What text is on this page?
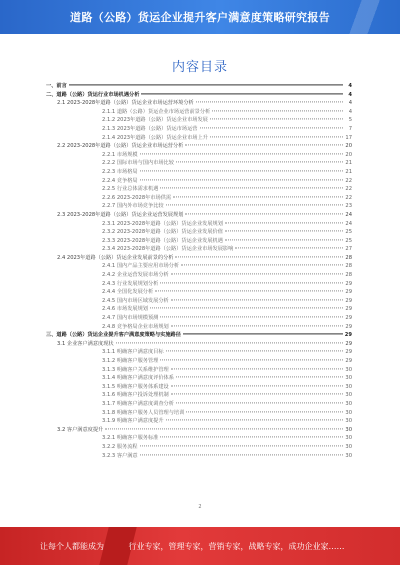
道路（公路）货运企业提升客户满意度策略研究报告
内容目录
一、前言	4
二、道路（公路）货运行业市场机遇分析	4
2.1 2023-2028年道路（公路）货运企业市场运营环境分析	4
2.1.1 道路（公路）货运企业市场运营前景分析	4
2.1.2 2023年道路（公路）货运企业市场发展	5
2.1.3 2023年道路（公路）货运市场运营	7
2.1.4 2023年道路（公路）货运企业市场上升	17
2.2 2023-2028年道路（公路）货运企业市场运营分析	20
2.2.1 市场规模	20
2.2.2 国际市场与国内市场比较	21
2.2.3 市场格局	21
2.2.4 竞争格局	22
2.2.5 行业总体需求机遇	22
2.2.6 2023-2028年市场供需	22
2.2.7 国内外市场竞争比较	23
2.3 2023-2028年道路（公路）货运企业运营发展规划	24
2.3.1 2023-2028年道路（公路）货运企业发展规划	24
2.3.2 2023-2028年道路（公路）货运企业发展价值	25
2.3.3 2023-2028年道路（公路）货运企业发展机遇	25
2.3.4 2023-2028年道路（公路）货运企业市场发展影响	27
2.4 2023年道路（公路）货运企业发展前景的分析	28
2.4.1 国内产品主要应用市场分析	28
2.4.2 企业运营发展市场分析	28
2.4.3 行业发展规划分析	29
2.4.4 全国化发展分析	29
2.4.5 国内市场区域发展分析	29
2.4.6 市场发展规划	29
2.4.7 国内市场规模预测	29
2.4.8 竞争格局企业市场规划	29
三、道路（公路）货运企业提升客户满意度策略与实施路径	29
3.1 企业客户满意度现状	29
3.1.1 明确客户满意度目标	29
3.1.2 明确客户服务管理	29
3.1.3 明确客户关系维护管理	30
3.1.4 明确客户满意度评价体系	30
3.1.5 明确客户服务体系建设	30
3.1.6 明确客户投诉处理机制	30
3.1.7 明确客户满意度调查分析	30
3.1.8 明确客户服务人员管理与培训	30
3.1.9 明确客户满意度提升	30
3.2 客户满意度提升	30
3.2.1 明确客户服务标准	30
3.2.2 服务流程	30
3.2.3 客户满意	30
2
让每个人都能成为	行业专家，管理专家，营销专家，战略专家，成功企业家……
